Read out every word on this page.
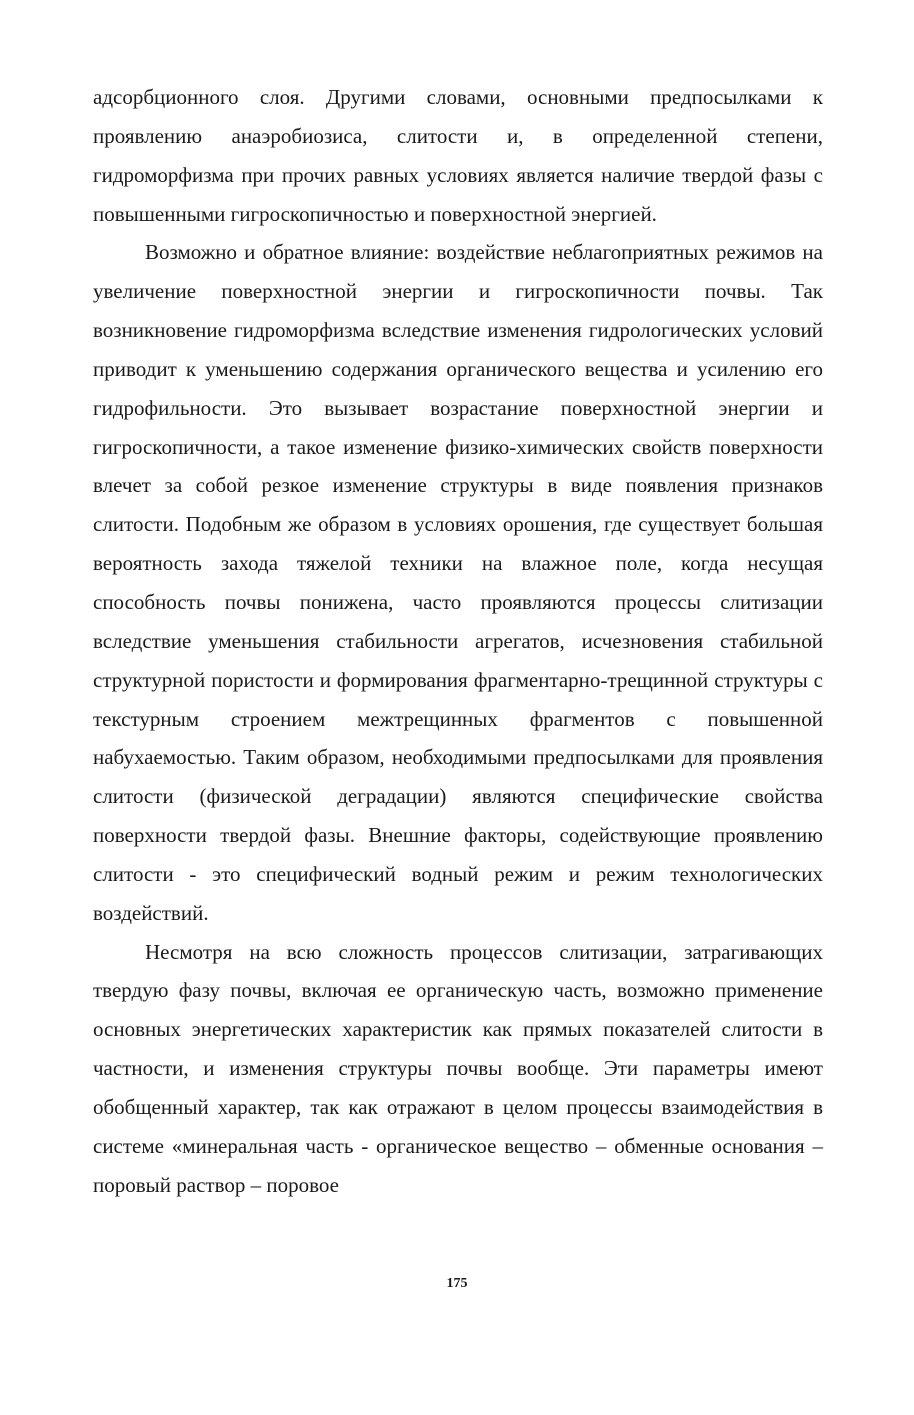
адсорбционного слоя. Другими словами, основными предпосылками к проявлению анаэробиозиса, слитости и, в определенной степени, гидроморфизма при прочих равных условиях является наличие твердой фазы с повышенными гигроскопичностью и поверхностной энергией.

Возможно и обратное влияние: воздействие неблагоприятных режимов на увеличение поверхностной энергии и гигроскопичности почвы. Так возникновение гидроморфизма вследствие изменения гидрологических условий приводит к уменьшению содержания органического вещества и усилению его гидрофильности. Это вызывает возрастание поверхностной энергии и гигроскопичности, а такое изменение физико-химических свойств поверхности влечет за собой резкое изменение структуры в виде появления признаков слитости. Подобным же образом в условиях орошения, где существует большая вероятность захода тяжелой техники на влажное поле, когда несущая способность почвы понижена, часто проявляются процессы слитизации вследствие уменьшения стабильности агрегатов, исчезновения стабильной структурной пористости и формирования фрагментарно-трещинной структуры с текстурным строением межтрещинных фрагментов с повышенной набухаемостью. Таким образом, необходимыми предпосылками для проявления слитости (физической деградации) являются специфические свойства поверхности твердой фазы. Внешние факторы, содействующие проявлению слитости - это специфический водный режим и режим технологических воздействий.

Несмотря на всю сложность процессов слитизации, затрагивающих твердую фазу почвы, включая ее органическую часть, возможно применение основных энергетических характеристик как прямых показателей слитости в частности, и изменения структуры почвы вообще. Эти параметры имеют обобщенный характер, так как отражают в целом процессы взаимодействия в системе «минеральная часть - органическое вещество – обменные основания – поровый раствор – поровое

175
